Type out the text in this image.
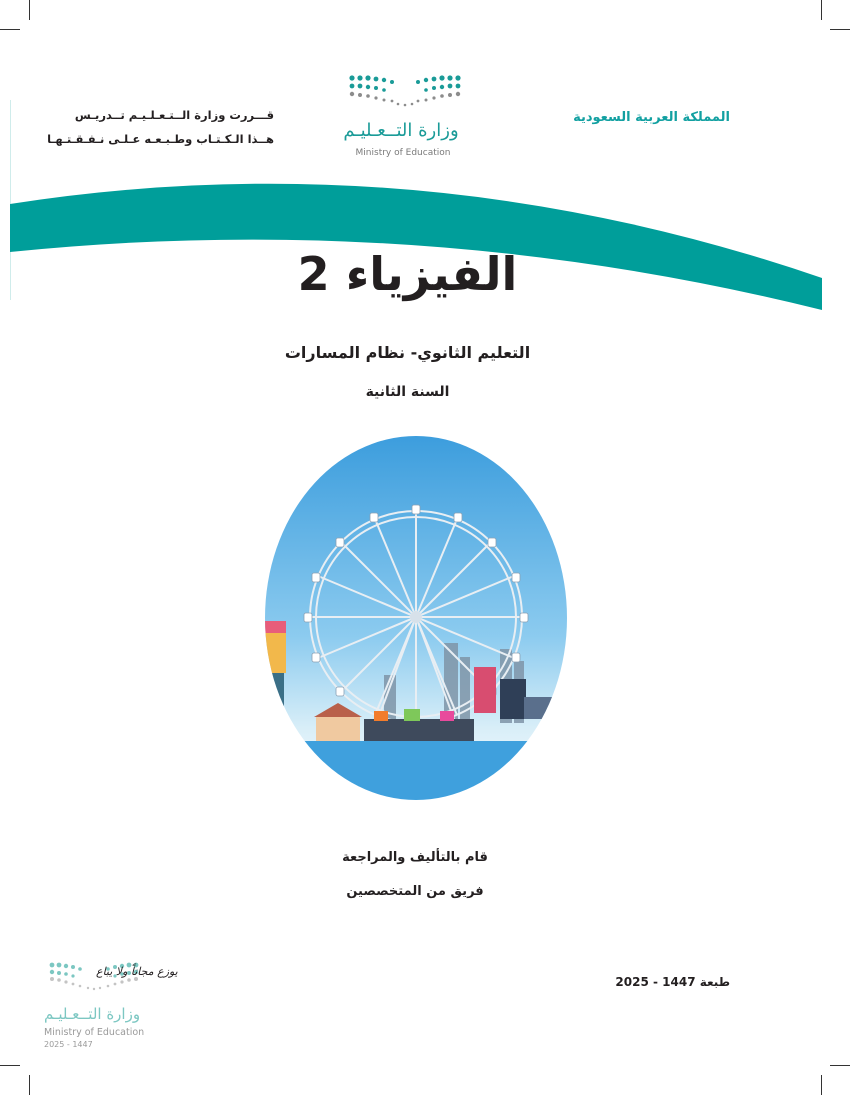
المملكة العربية السعودية
قـــررت وزارة الــتـعـلـيـم تــدريـس
هــذا الـكـتـاب وطـبـعـه عـلـى نـفـقـتـهـا	وزارة التــعـليـم
Ministry of Education
الفيزياء 2
التعليم الثانوي- نظام المسارات
السنة الثانية
قام بالتأليف والمراجعة
فريق من المتخصصين
طبعة 1447 - 2025
وزارة التــعـليـم
Ministry of Education
2025 - 1447
يوزع مجاناً ولا يباع
